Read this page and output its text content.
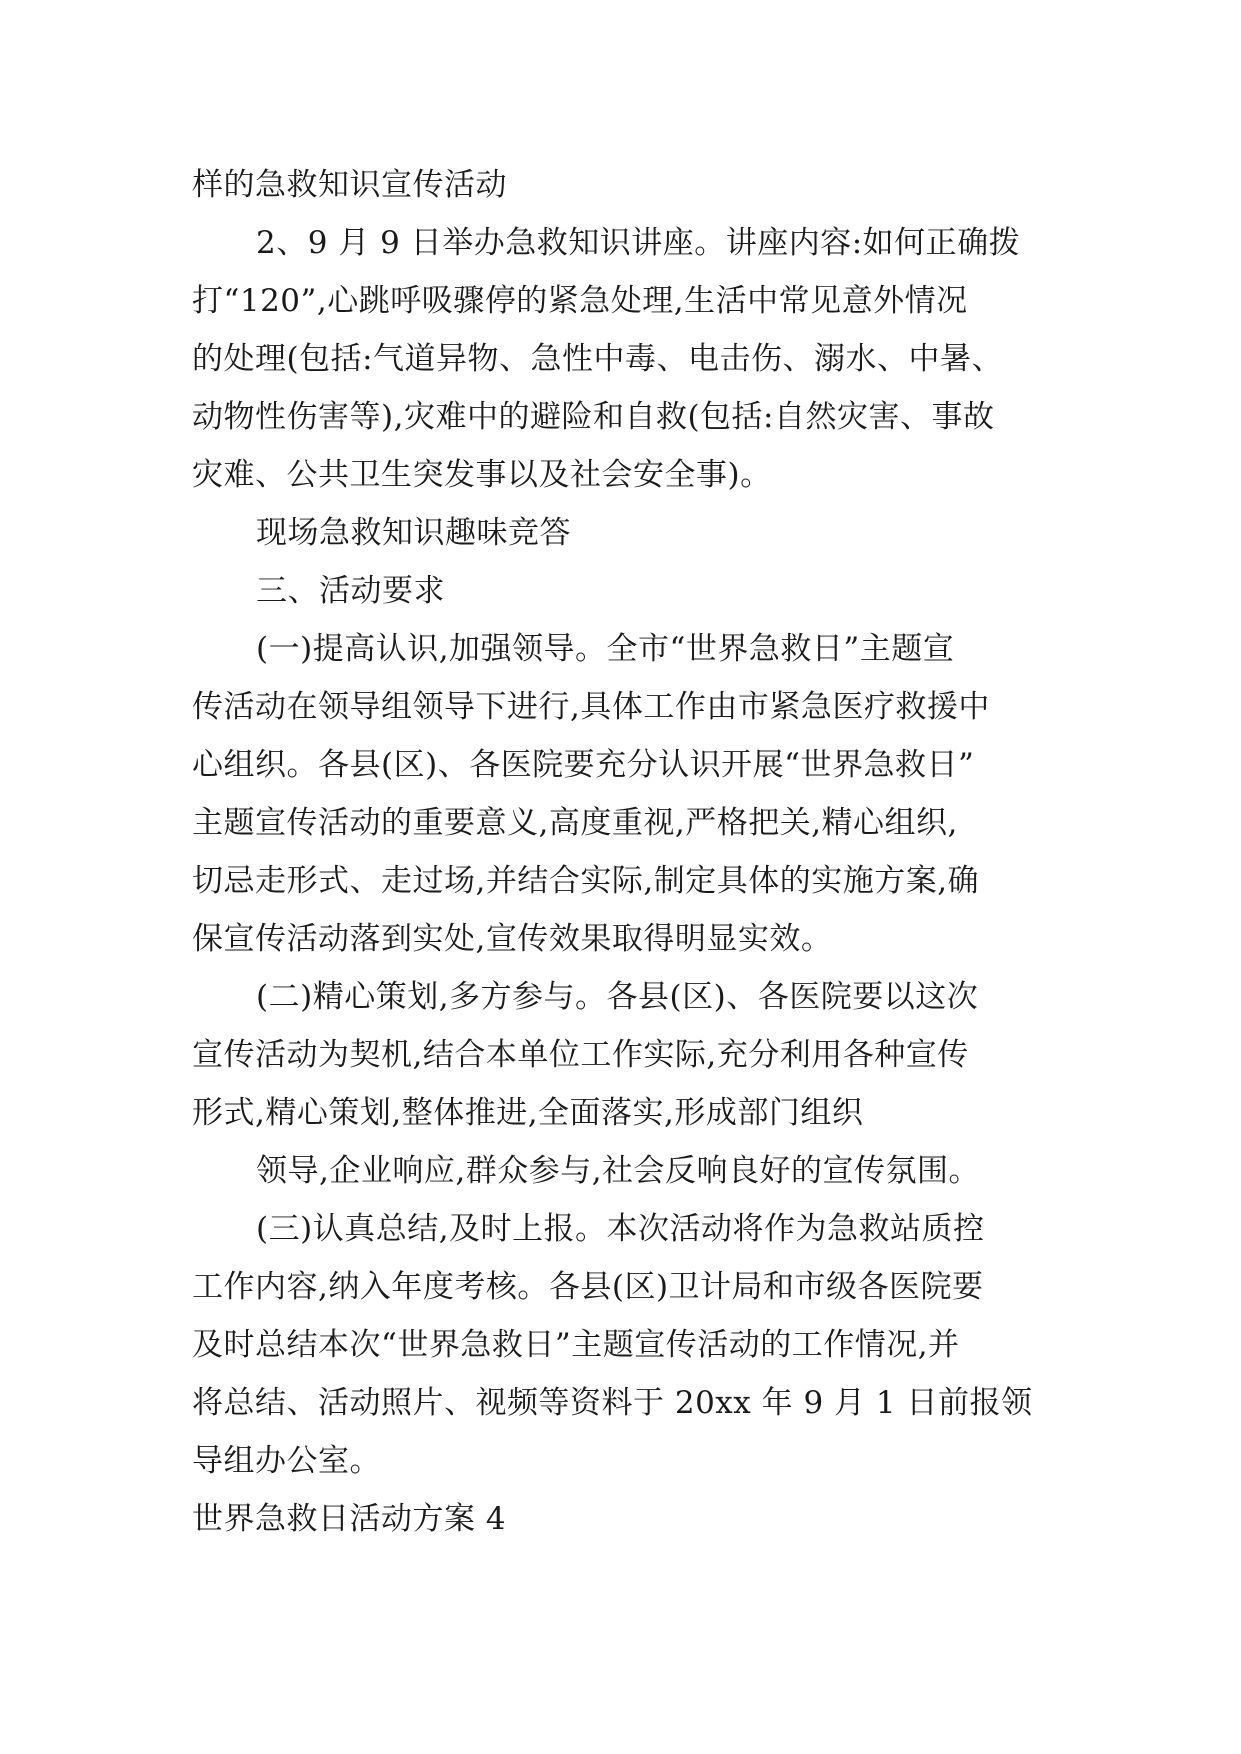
样的急救知识宣传活动
2、9 月 9 日举办急救知识讲座。讲座内容:如何正确拨
打“120”,心跳呼吸骤停的紧急处理,生活中常见意外情况
的处理(包括:气道异物、急性中毒、电击伤、溺水、中暑、
动物性伤害等),灾难中的避险和自救(包括:自然灾害、事故
灾难、公共卫生突发事以及社会安全事)。
现场急救知识趣味竞答
三、活动要求
(一)提高认识,加强领导。全市“世界急救日”主题宣
传活动在领导组领导下进行,具体工作由市紧急医疗救援中
心组织。各县(区)、各医院要充分认识开展“世界急救日”
主题宣传活动的重要意义,高度重视,严格把关,精心组织,
切忌走形式、走过场,并结合实际,制定具体的实施方案,确
保宣传活动落到实处,宣传效果取得明显实效。
(二)精心策划,多方参与。各县(区)、各医院要以这次
宣传活动为契机,结合本单位工作实际,充分利用各种宣传
形式,精心策划,整体推进,全面落实,形成部门组织
领导,企业响应,群众参与,社会反响良好的宣传氛围。
(三)认真总结,及时上报。本次活动将作为急救站质控
工作内容,纳入年度考核。各县(区)卫计局和市级各医院要
及时总结本次“世界急救日”主题宣传活动的工作情况,并
将总结、活动照片、视频等资料于 20xx 年 9 月 1 日前报领
导组办公室。
世界急救日活动方案 4
